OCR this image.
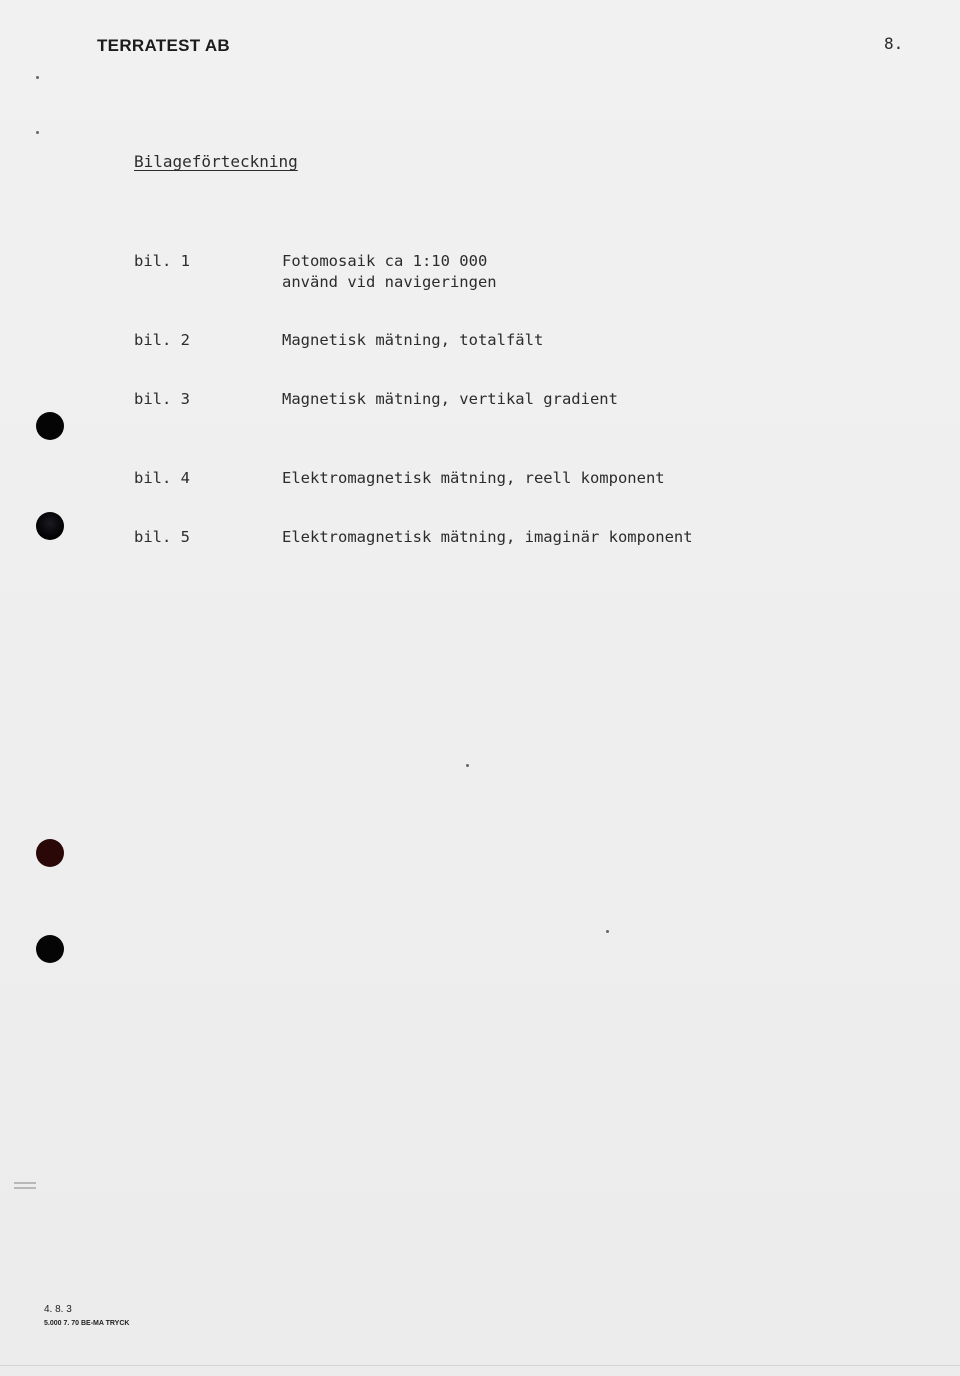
TERRATEST AB	8.
Bilageförteckning
bil. 1	Fotomosaik ca 1:10 000
använd vid navigeringen
bil. 2	Magnetisk mätning, totalfält
bil. 3	Magnetisk mätning, vertikal gradient
bil. 4	Elektromagnetisk mätning, reell komponent
bil. 5	Elektromagnetisk mätning, imaginär komponent
4. 8. 3
5.000 7. 70 BE-MA TRYCK
